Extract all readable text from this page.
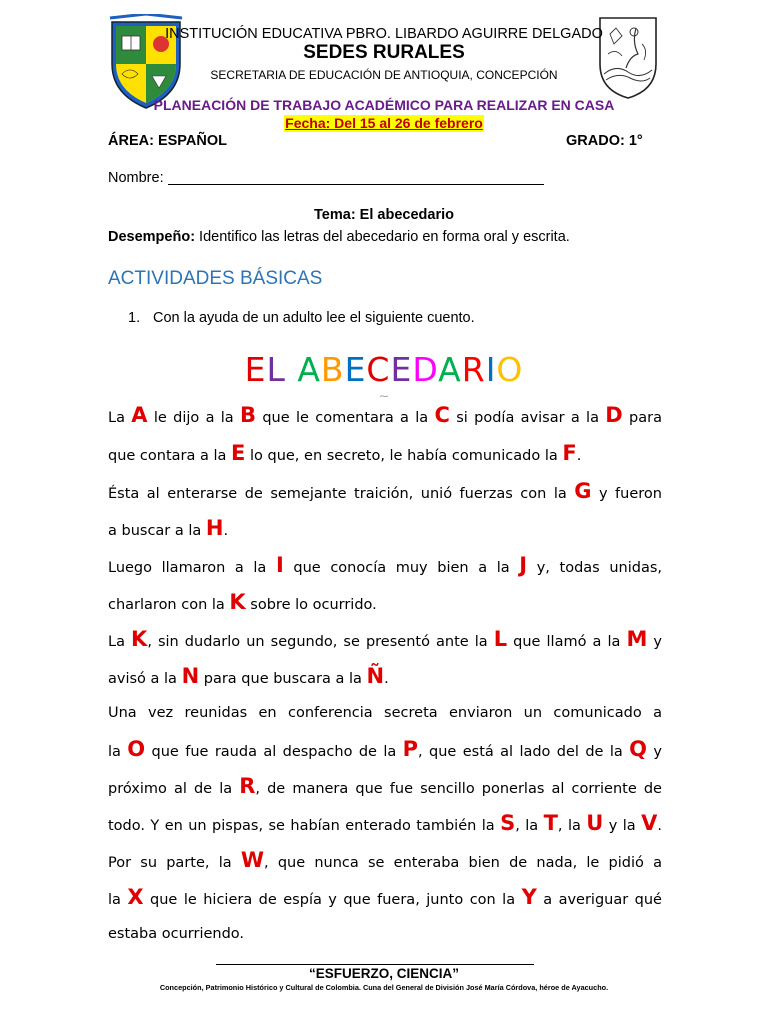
INSTITUCIÓN EDUCATIVA PBRO. LIBARDO AGUIRRE DELGADO
SEDES RURALES
SECRETARIA DE EDUCACIÓN DE ANTIOQUIA, CONCEPCIÓN
PLANEACIÓN DE TRABAJO ACADÉMICO PARA REALIZAR EN CASA
Fecha: Del 15 al 26 de febrero
ÁREA: ESPAÑOL	GRADO: 1°
Nombre:
Tema: El abecedario
Desempeño: Identifico las letras del abecedario en forma oral y escrita.
ACTIVIDADES BÁSICAS
1. Con la ayuda de un adulto lee el siguiente cuento.
EL ABECEDARIO
⁓
La A le dijo a la B que le comentara a la C si podía avisar a la D para
que contara a la E lo que, en secreto, le había comunicado la F.
Ésta al enterarse de semejante traición, unió fuerzas con la G y fueron
a buscar a la H.
Luego llamaron a la I que conocía muy bien a la J y, todas unidas,
charlaron con la K sobre lo ocurrido.
La K, sin dudarlo un segundo, se presentó ante la L que llamó a la M y
avisó a la N para que buscara a la Ñ.
Una vez reunidas en conferencia secreta enviaron un comunicado a
la O que fue rauda al despacho de la P, que está al lado del de la Q y
próximo al de la R, de manera que fue sencillo ponerlas al corriente de
todo. Y en un pispas, se habían enterado también la S, la T, la U y la V.
Por su parte, la W, que nunca se enteraba bien de nada, le pidió a
la X que le hiciera de espía y que fuera, junto con la Y a averiguar qué
estaba ocurriendo.
“ESFUERZO, CIENCIA”
Concepción, Patrimonio Histórico y Cultural de Colombia. Cuna del General de División José María Córdova, héroe de Ayacucho.
